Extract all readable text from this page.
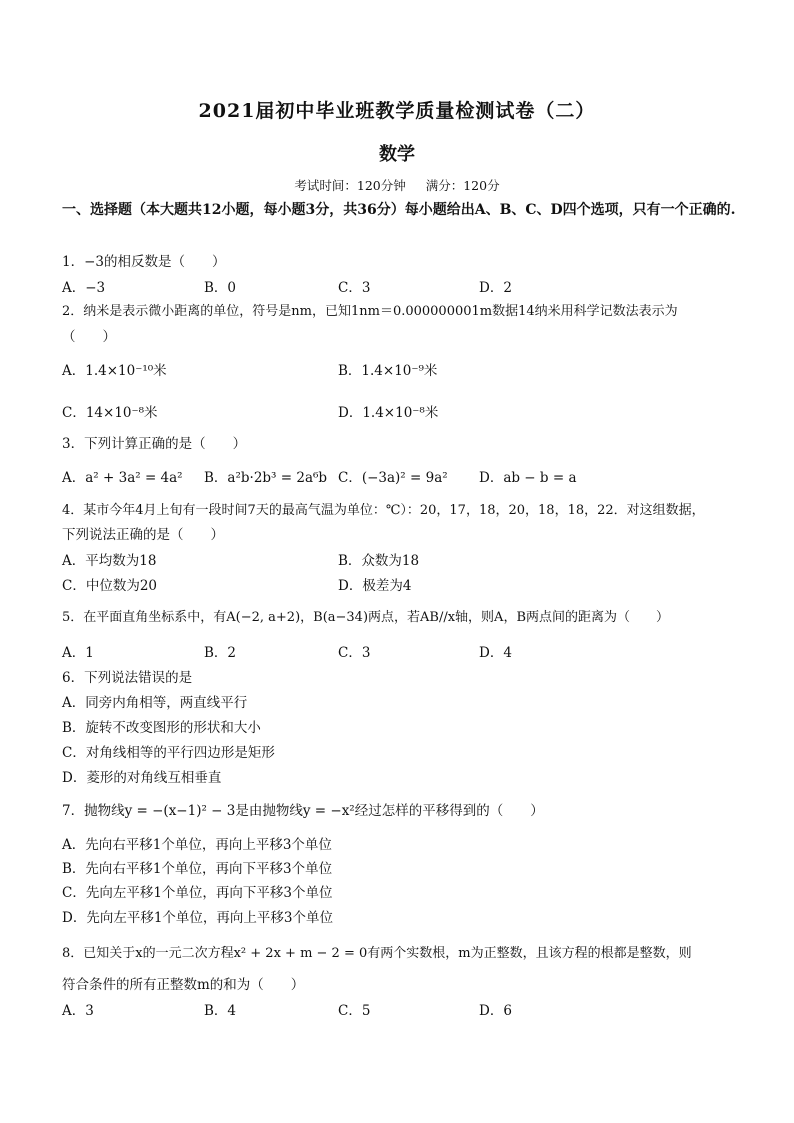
2021届初中毕业班教学质量检测试卷（二）
数学
考试时间：120分钟 满分：120分
一、选择题（本大题共12小题，每小题3分，共36分）每小题给出A、B、C、D四个选项，只有一个正确的.
1．−3的相反数是（　　）
A．−3	B．0	C．3	D．2
2．纳米是表示微小距离的单位，符号是nm，已知1nm＝0.000000001m数据14纳米用科学记数法表示为
（　　）
A．1.4×10⁻¹⁰米	B．1.4×10⁻⁹米
C．14×10⁻⁸米	D．1.4×10⁻⁸米
3．下列计算正确的是（　　）
A．a² + 3a² = 4a² B．a²b·2b³ = 2a⁶b C．(−3a)² = 9a² D．ab − b = a
4．某市今年4月上旬有一段时间7天的最高气温为单位：℃）：20，17，18，20，18，18，22．对这组数据，
下列说法正确的是（　　）
A．平均数为18	B．众数为18
C．中位数为20	D．极差为4
5．在平面直角坐标系中，有A(−2, a+2)，B(a−34)两点，若AB//x轴，则A，B两点间的距离为（　　）
A．1	B．2	C．3	D．4
6．下列说法错误的是
A．同旁内角相等，两直线平行
B．旋转不改变图形的形状和大小
C．对角线相等的平行四边形是矩形
D．菱形的对角线互相垂直
7．抛物线y = −(x−1)² − 3是由抛物线y = −x²经过怎样的平移得到的（　　）
A．先向右平移1个单位，再向上平移3个单位
B．先向右平移1个单位，再向下平移3个单位
C．先向左平移1个单位，再向下平移3个单位
D．先向左平移1个单位，再向上平移3个单位
8．已知关于x的一元二次方程x² + 2x + m − 2 = 0有两个实数根，m为正整数，且该方程的根都是整数，则
符合条件的所有正整数m的和为（　　）
A．3	B．4	C．5	D．6
